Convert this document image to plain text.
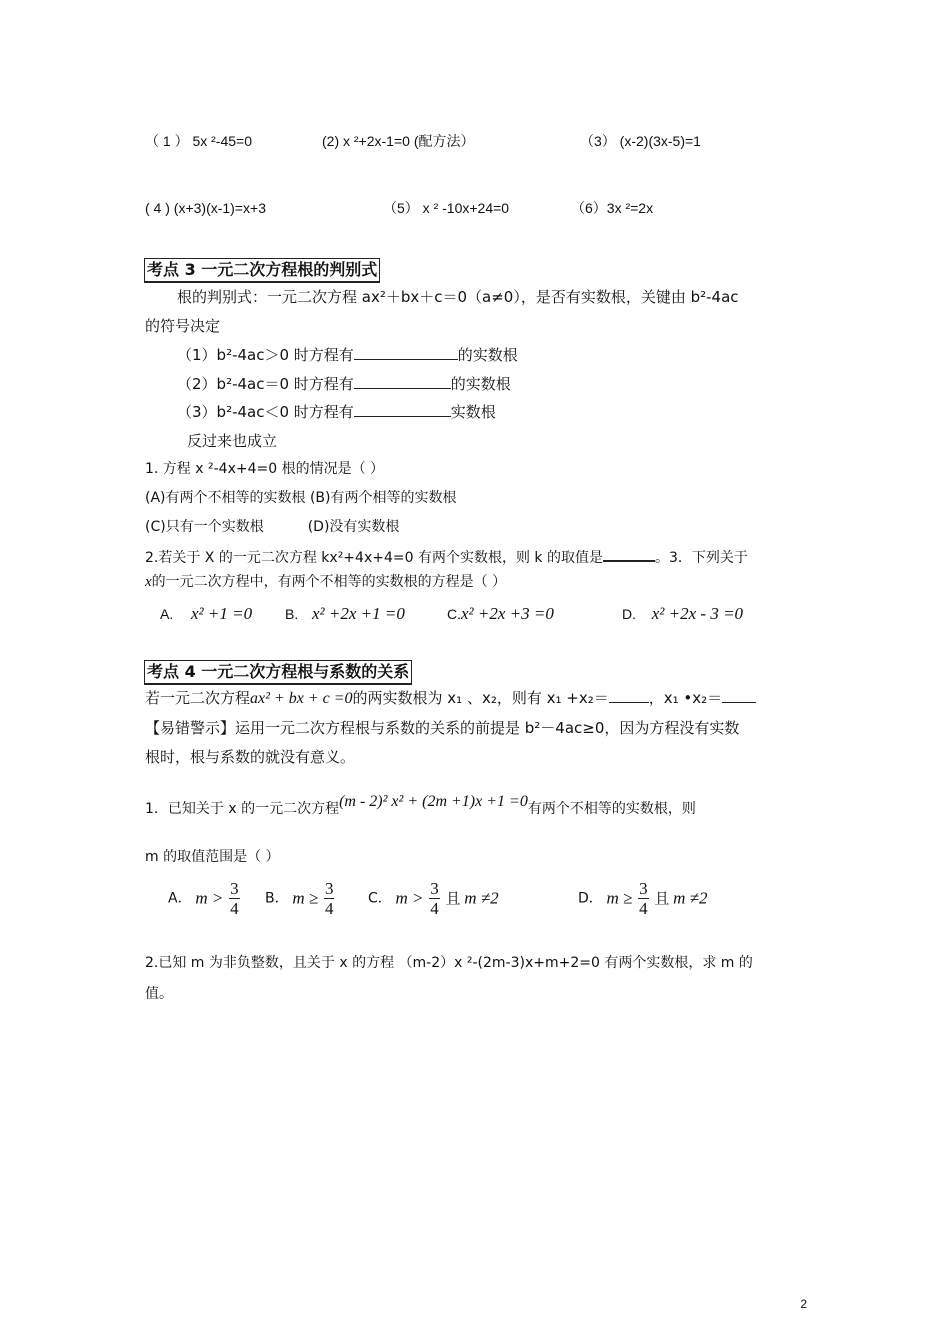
（ 1 ） 5x ²-45=0	(2) x ²+2x-1=0 (配方法）	（3） (x-2)(3x-5)=1
( 4 ) (x+3)(x-1)=x+3	（5） x ² -10x+24=0	（6）3x ²=2x
考点 3 一元二次方程根的判别式
根的判别式：一元二次方程 ax²＋bx＋c＝0（a≠0），是否有实数根，关键由 b²-4ac
的符号决定
（1）b²-4ac＞0 时方程有	的实数根
（2）b²-4ac＝0 时方程有	的实数根
（3）b²-4ac＜0 时方程有	实数根
反过来也成立
1. 方程 x ²-4x+4=0 根的情况是（ ）
(A)有两个不相等的实数根 (B)有两个相等的实数根
(C)只有一个实数根	(D)没有实数根
2.若关于 X 的一元二次方程 kx²+4x+4=0 有两个实数根，则 k 的取值是	。3．下列关于
x的一元二次方程中，有两个不相等的实数根的方程是（ ）
A. x² +1 =0 B. x² +2x +1 =0	C.x² +2x +3 =0	D. x² +2x - 3 =0
考点 4 一元二次方程根与系数的关系
若一元二次方程ax² + bx + c =0的两实数根为 x₁ 、x₂，则有 x₁ +x₂＝	，x₁ •x₂＝
【易错警示】运用一元二次方程根与系数的关系的前提是 b²－4ac≥0，因为方程没有实数
根时，根与系数的就没有意义。
1．已知关于 x 的一元二次方程(m - 2)² x² + (2m +1)x +1 =0有两个不相等的实数根，则
m 的取值范围是（ ）
A． $m > \frac{3}{4}$ B． $m \ge \frac{3}{4}$ C． $m > \frac{3}{4}$ 且 m ≠2	D． $m \ge \frac{3}{4}$ 且 m ≠2
2.已知 m 为非负整数，且关于 x 的方程 （m-2）x ²-(2m-3)x+m+2=0 有两个实数根，求 m 的
值。
2
